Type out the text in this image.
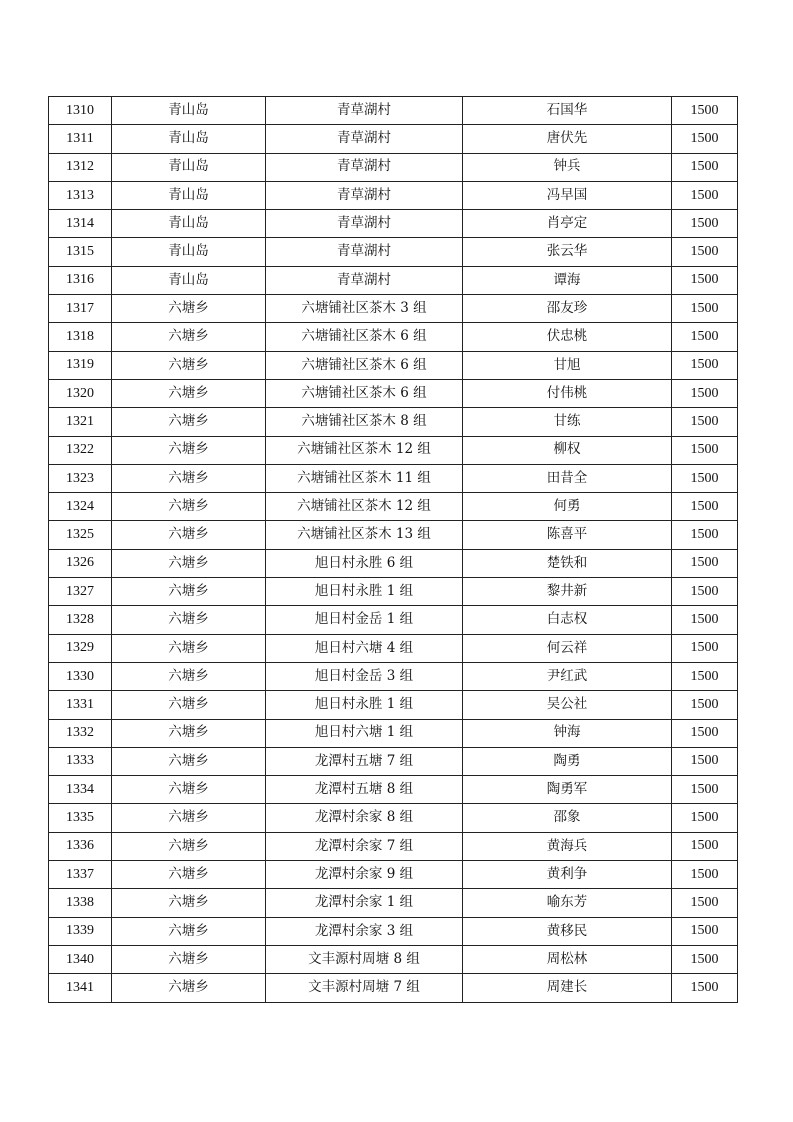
1310	青山岛	青草湖村	石国华	1500
1311	青山岛	青草湖村	唐伏先	1500
1312	青山岛	青草湖村	钟兵	1500
1313	青山岛	青草湖村	冯早国	1500
1314	青山岛	青草湖村	肖亭定	1500
1315	青山岛	青草湖村	张云华	1500
1316	青山岛	青草湖村	谭海	1500
1317	六塘乡	六塘铺社区茶木 3 组	邵友珍	1500
1318	六塘乡	六塘铺社区茶木 6 组	伏忠桃	1500
1319	六塘乡	六塘铺社区茶木 6 组	甘旭	1500
1320	六塘乡	六塘铺社区茶木 6 组	付伟桃	1500
1321	六塘乡	六塘铺社区茶木 8 组	甘练	1500
1322	六塘乡	六塘铺社区茶木 12 组	柳权	1500
1323	六塘乡	六塘铺社区茶木 11 组	田昔全	1500
1324	六塘乡	六塘铺社区茶木 12 组	何勇	1500
1325	六塘乡	六塘铺社区茶木 13 组	陈喜平	1500
1326	六塘乡	旭日村永胜 6 组	楚铁和	1500
1327	六塘乡	旭日村永胜 1 组	黎井新	1500
1328	六塘乡	旭日村金岳 1 组	白志权	1500
1329	六塘乡	旭日村六塘 4 组	何云祥	1500
1330	六塘乡	旭日村金岳 3 组	尹红武	1500
1331	六塘乡	旭日村永胜 1 组	吴公社	1500
1332	六塘乡	旭日村六塘 1 组	钟海	1500
1333	六塘乡	龙潭村五塘 7 组	陶勇	1500
1334	六塘乡	龙潭村五塘 8 组	陶勇军	1500
1335	六塘乡	龙潭村余家 8 组	邵象	1500
1336	六塘乡	龙潭村余家 7 组	黄海兵	1500
1337	六塘乡	龙潭村余家 9 组	黄利争	1500
1338	六塘乡	龙潭村余家 1 组	喻东芳	1500
1339	六塘乡	龙潭村余家 3 组	黄移民	1500
1340	六塘乡	文丰源村周塘 8 组	周松林	1500
1341	六塘乡	文丰源村周塘 7 组	周建长	1500
